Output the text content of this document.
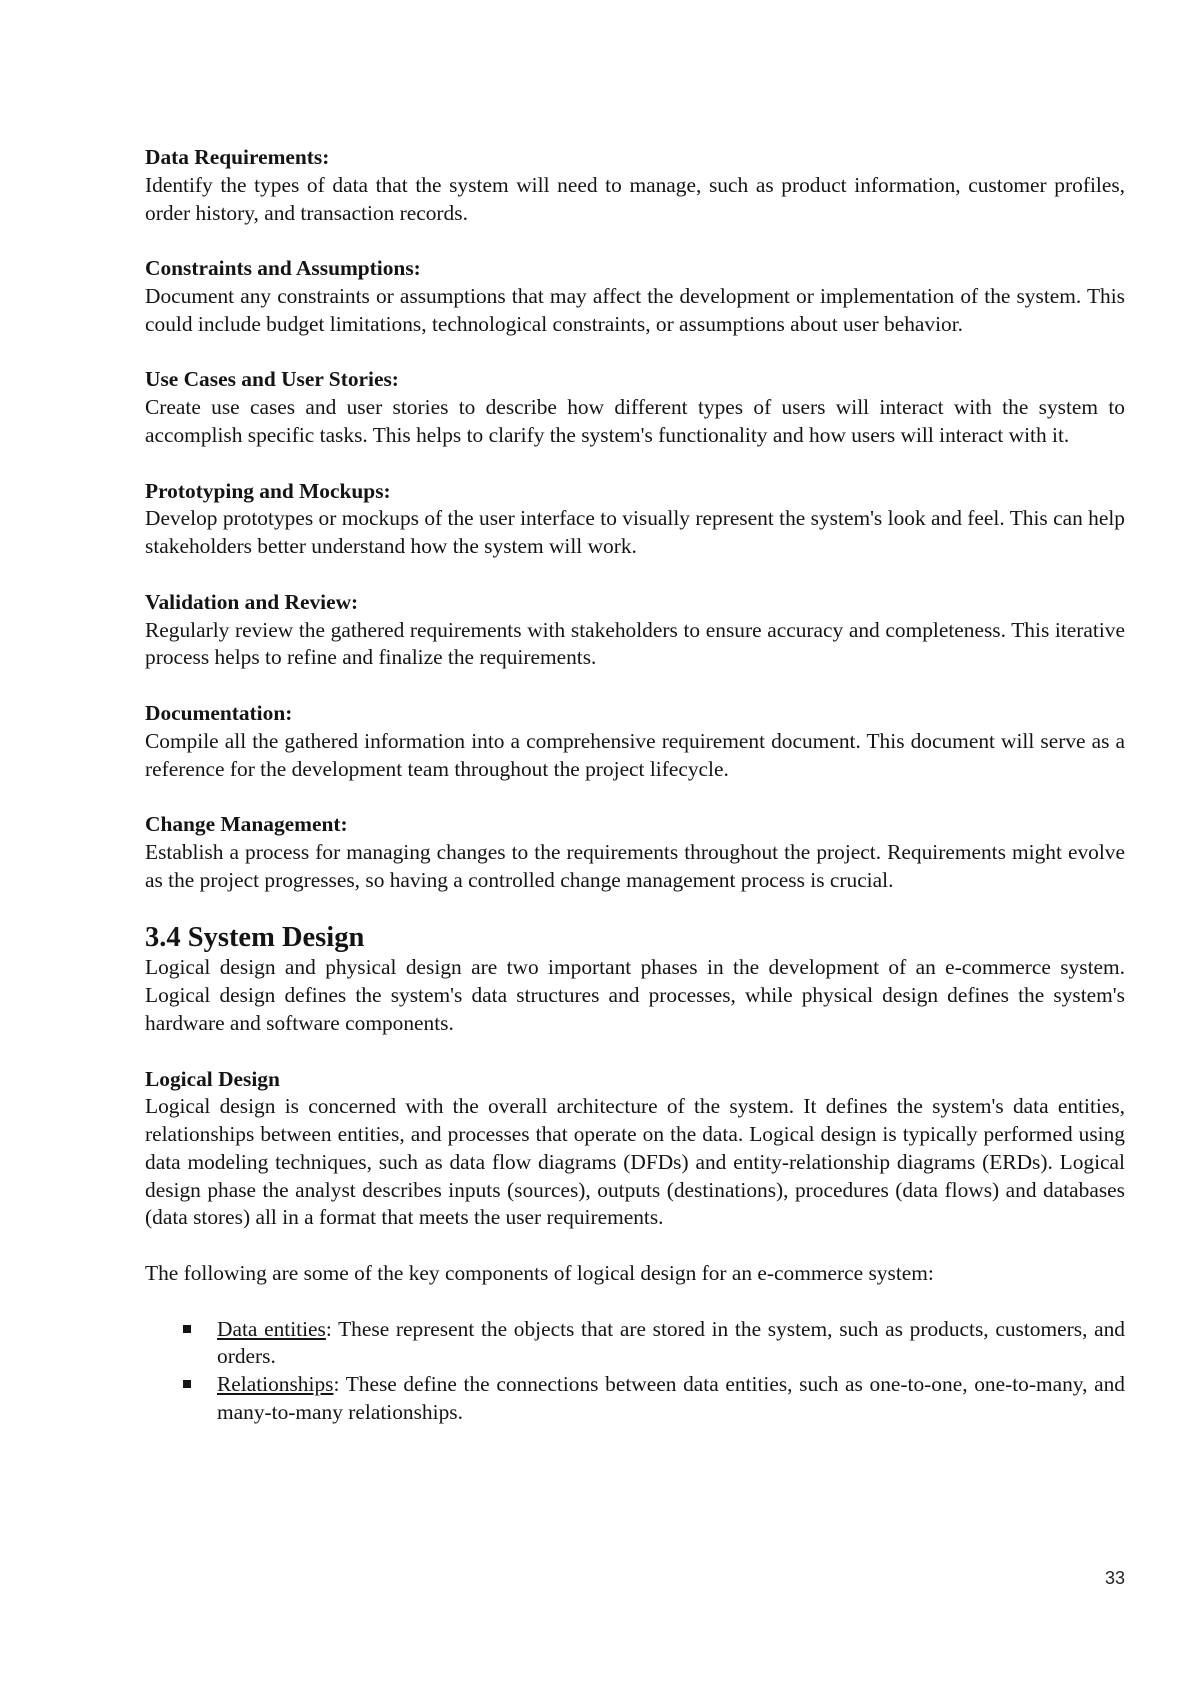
Data Requirements:

Identify the types of data that the system will need to manage, such as product information, customer profiles, order history, and transaction records.

Constraints and Assumptions:

Document any constraints or assumptions that may affect the development or implementation of the system. This could include budget limitations, technological constraints, or assumptions about user behavior.

Use Cases and User Stories:

Create use cases and user stories to describe how different types of users will interact with the system to accomplish specific tasks. This helps to clarify the system's functionality and how users will interact with it.

Prototyping and Mockups:

Develop prototypes or mockups of the user interface to visually represent the system's look and feel. This can help stakeholders better understand how the system will work.

Validation and Review:

Regularly review the gathered requirements with stakeholders to ensure accuracy and completeness. This iterative process helps to refine and finalize the requirements.

Documentation:

Compile all the gathered information into a comprehensive requirement document. This document will serve as a reference for the development team throughout the project lifecycle.

Change Management:

Establish a process for managing changes to the requirements throughout the project. Requirements might evolve as the project progresses, so having a controlled change management process is crucial.

3.4 System Design

Logical design and physical design are two important phases in the development of an e-commerce system. Logical design defines the system's data structures and processes, while physical design defines the system's hardware and software components.

Logical Design

Logical design is concerned with the overall architecture of the system. It defines the system's data entities, relationships between entities, and processes that operate on the data. Logical design is typically performed using data modeling techniques, such as data flow diagrams (DFDs) and entity-relationship diagrams (ERDs). Logical design phase the analyst describes inputs (sources), outputs (destinations), procedures (data flows) and databases (data stores) all in a format that meets the user requirements.

The following are some of the key components of logical design for an e-commerce system:

Data entities: These represent the objects that are stored in the system, such as products, customers, and orders.
Relationships: These define the connections between data entities, such as one-to-one, one-to-many, and many-to-many relationships.
33
